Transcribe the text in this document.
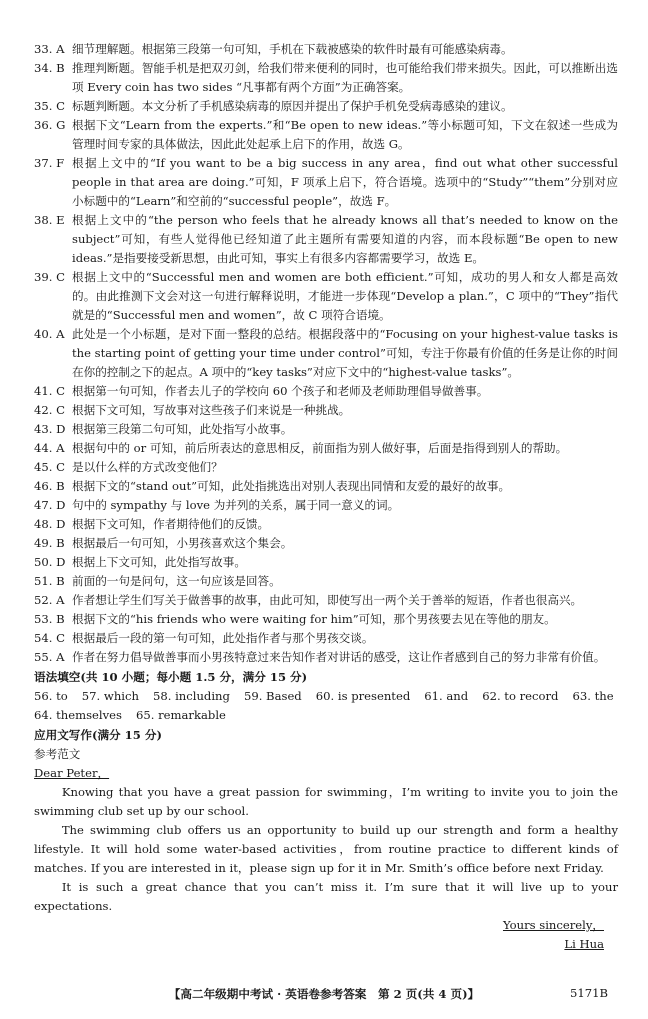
33. A 细节理解题。根据第三段第一句可知，手机在下载被感染的软件时最有可能感染病毒。
34. B 推理判断题。智能手机是把双刃剑，给我们带来便利的同时，也可能给我们带来损失。因此，可以推断出选项 Every coin has two sides “凡事都有两个方面”为正确答案。
35. C 标题判断题。本文分析了手机感染病毒的原因并提出了保护手机免受病毒感染的建议。
36. G 根据下文“Learn from the experts.”和“Be open to new ideas.”等小标题可知，下文在叙述一些成为管理时间专家的具体做法，因此此处起承上启下的作用，故选 G。
37. F 根据上文中的“If you want to be a big success in any area，find out what other successful people in that area are doing.”可知，F 项承上启下，符合语境。选项中的“Study”“them”分别对应小标题中的“Learn”和空前的“successful people”，故选 F。
38. E 根据上文中的“the person who feels that he already knows all that’s needed to know on the subject”可知，有些人觉得他已经知道了此主题所有需要知道的内容，而本段标题“Be open to new ideas.”是指要接受新思想，由此可知，事实上有很多内容都需要学习，故选 E。
39. C 根据上文中的“Successful men and women are both efficient.”可知，成功的男人和女人都是高效的。由此推测下文会对这一句进行解释说明，才能进一步体现“Develop a plan.”，C 项中的“They”指代就是的“Successful men and women”，故 C 项符合语境。
40. A 此处是一个小标题，是对下面一整段的总结。根据段落中的“Focusing on your highest-value tasks is the starting point of getting your time under control”可知，专注于你最有价值的任务是让你的时间在你的控制之下的起点。A 项中的“key tasks”对应下文中的“highest-value tasks”。
41. C 根据第一句可知，作者去儿子的学校向 60 个孩子和老师及老师助理倡导做善事。
42. C 根据下文可知，写故事对这些孩子们来说是一种挑战。
43. D 根据第三段第二句可知，此处指写小故事。
44. A 根据句中的 or 可知，前后所表达的意思相反，前面指为别人做好事，后面是指得到别人的帮助。
45. C 是以什么样的方式改变他们？
46. B 根据下文的“stand out”可知，此处指挑选出对别人表现出同情和友爱的最好的故事。
47. D 句中的 sympathy 与 love 为并列的关系，属于同一意义的词。
48. D 根据下文可知，作者期待他们的反馈。
49. B 根据最后一句可知，小男孩喜欢这个集会。
50. D 根据上下文可知，此处指写故事。
51. B 前面的一句是问句，这一句应该是回答。
52. A 作者想让学生们写关于做善事的故事，由此可知，即使写出一两个关于善举的短语，作者也很高兴。
53. B 根据下文的“his friends who were waiting for him”可知，那个男孩要去见在等他的朋友。
54. C 根据最后一段的第一句可知，此处指作者与那个男孩交谈。
55. A 作者在努力倡导做善事而小男孩特意过来告知作者对讲话的感受，这让作者感到自己的努力非常有价值。
语法填空(共 10 小题；每小题 1.5 分，满分 15 分)
56. to 57. which 58. including 59. Based 60. is presented 61. and 62. to record 63. the
64. themselves 65. remarkable
应用文写作(满分 15 分)
参考范文
Dear Peter，
Knowing that you have a great passion for swimming，I’m writing to invite you to join the swimming club set up by our school.
The swimming club offers us an opportunity to build up our strength and form a healthy lifestyle. It will hold some water-based activities，from routine practice to different kinds of matches. If you are interested in it，please sign up for it in Mr. Smith’s office before next Friday.
It is such a great chance that you can’t miss it. I’m sure that it will live up to your expectations.
Yours sincerely，
Li Hua
【高二年级期中考试 · 英语卷参考答案　第 2 页(共 4 页)】	5171B
